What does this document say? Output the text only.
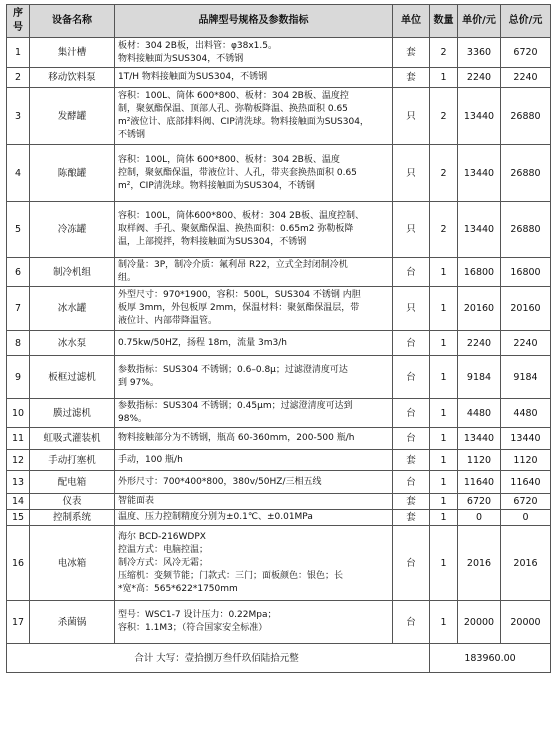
序号	设备名称	品牌型号规格及参数指标	单位	数量	单价/元	总价/元
1	集汁槽	板材：304 2B板，出料管：φ38x1.5。
物料接触面为SUS304，不锈钢	套	2	3360	6720
2	移动饮料泵	1T/H 物料接触面为SUS304，不锈钢	套	1	2240	2240
3	发酵罐	容积：100L、筒体 600*800、板材：304 2B板、温度控
制，聚氨酯保温、顶部人孔、弥勒板降温、换热面积 0.65
m²液位计、底部排料阀、CIP清洗球。物料接触面为SUS304，
不锈钢	只	2	13440	26880
4	陈酿罐	容积：100L，筒体 600*800、板材：304 2B板、温度
控制，聚氨酯保温，带液位计、人孔，带夹套换热面积 0.65
m²，CIP清洗球。物料接触面为SUS304，不锈钢	只	2	13440	26880
5	冷冻罐	容积：100L，筒体600*800、板材：304 2B板、温度控制、
取样阀、手孔、聚氨酯保温、换热面积：0.65m2 弥勒板降
温，上部搅拌，物料接触面为SUS304，不锈钢	只	2	13440	26880
6	制冷机组	制冷量：3P，制冷介质：氟利昂 R22，立式全封闭制冷机
组。	台	1	16800	16800
7	冰水罐	外型尺寸：970*1900，容积：500L，SUS304 不锈钢 内胆
板厚 3mm，外包板厚 2mm，保温材料：聚氨酯保温层，带
液位计、内部带降温管。	只	1	20160	20160
8	冰水泵	0.75kw/50HZ，扬程 18m，流量 3m3/h	台	1	2240	2240
9	板框过滤机	参数指标：SUS304 不锈钢；0.6–0.8μ；过滤澄清度可达
到 97%。	台	1	9184	9184
10	膜过滤机	参数指标：SUS304 不锈钢；0.45μm；过滤澄清度可达到
98%。	台	1	4480	4480
11	虹吸式灌装机	物料接触部分为不锈钢，瓶高 60-360mm，200-500 瓶/h	台	1	13440	13440
12	手动打塞机	手动，100 瓶/h	套	1	1120	1120
13	配电箱	外形尺寸：700*400*800，380v/50HZ/三相五线	台	1	11640	11640
14	仪表	智能面表	套	1	6720	6720
15	控制系统	温度、压力控制精度分别为±0.1℃、±0.01MPa	套	1	0	0
16	电冰箱	海尔 BCD-216WDPX
控温方式：电脑控温；
制冷方式：风冷无霜；
压缩机：变频节能；门款式：三门；面板颜色：银色；长
*宽*高：565*622*1750mm	台	1	2016	2016
17	杀菌锅	型号：WSC1-7 设计压力：0.22Mpa；
容积：1.1M3；（符合国家安全标准）	台	1	20000	20000
合计 大写：壹拾捌万叁仟玖佰陆拾元整				183960.00		
